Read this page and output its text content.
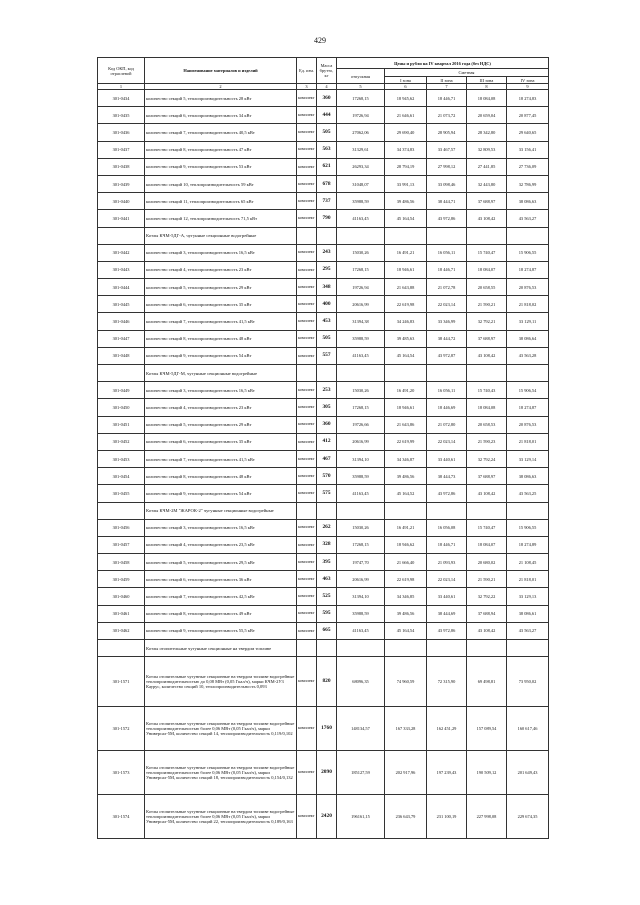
429
Код ОКП, код отраслевой	Наименование материалов и изделий	Ед. изм.	Масса брутто, кг	Цены и рубли на IV квартал 2016 года (без НДС)				
				отпускная	Сметная			
					I зона	II зона	III зона	IV зона
1	2	3	4	5	6	7	8	9
301-0434	количество секций 5, теплопроизводительность 28 кВт	комплект	360	17268,15	18 945,62	18 446,71	18 084,08	18 274,83
301-0435	количество секций 6, теплопроизводительность 34 кВт	комплект	444	19726,94	21 646,61	21 073,72	20 659,04	20 877,45
301-0436	количество секций 7, теплопроизводительность 40,5 кВт	комплект	505	27062,06	29 690,40	28 905,94	28 342,80	29 640,65
301-0437	количество секций 8, теплопроизводительность 47 кВт	комплект	563	31329,61	34 374,83	33 467,57	32 809,53	33 156,41
301-0438	количество секций 9, теплопроизводительность 53 кВт	комплект	621	26293,34	28 794,19	27 998,12	27 441,85	27 736,09
301-0439	количество секций 10, теплопроизводительность 59 кВт	комплект	678	31048,07	33 991,13	33 098,46	32 443,80	32 786,99
301-0440	количество секций 11, теплопроизводительность 65 кВт	комплект	737	35988,59	39 486,56	38 444,71	37 688,97	38 086,63
301-0441	количество секций 12, теплопроизводительность 71,5 кВт	комплект	790	41163,45	45 164,54	43 972,86	43 108,42	43 563,27
	Котлы КЧМ-5ДГ-А, чугунные секционные водогрейные							
301-0442	количество секций 3, теплопроизводительность 16,5 кВт	комплект	243	15030,26	16 491,21	16 056,11	15 740,47	15 906,55
301-0443	количество секций 4, теплопроизводительность 23 кВт	комплект	295	17268,15	18 946,61	18 446,71	18 084,07	18 274,87
301-0444	количество секций 5, теплопроизводительность 29 кВт	комплект	348	19726,94	21 643,88	21 072,78	20 658,55	20 876,53
301-0445	количество секций 6, теплопроизводительность 35 кВт	комплект	400	20616,99	22 619,98	22 023,14	21 590,21	21 818,02
301-0446	количество секций 7, теплопроизводительность 41,5 кВт	комплект	453	31394,38	34 246,83	33 346,99	32 792,21	33 129,11
301-0447	количество секций 8, теплопроизводительность 48 кВт	комплект	505	35988,59	39 485,63	38 444,72	37 688,97	38 086,64
301-0448	количество секций 9, теплопроизводительность 54 кВт	комплект	557	41163,45	45 164,54	43 972,87	43 108,42	43 563,28
	Котлы КЧМ-5ДГ-М, чугунные секционные водогрейные							
301-0449	количество секций 3, теплопроизводительность 16,5 кВт	комплект	253	15030,26	16 491,20	16 056,11	15 740,43	15 906,54
301-0450	количество секций 4, теплопроизводительность 23 кВт	комплект	305	17268,15	18 946,61	18 446,69	18 084,08	18 274,87
301-0451	количество секций 5, теплопроизводительность 29 кВт	комплект	360	19726,66	21 643,86	21 072,80	20 658,53	20 876,53
301-0452	количество секций 6, теплопроизводительность 35 кВт	комплект	412	20616,99	22 619,99	22 023,14	21 590,23	21 818,01
301-0453	количество секций 7, теплопроизводительность 41,5 кВт	комплект	467	31394,10	34 346,87	33 440,61	32 792,24	33 129,14
301-0454	количество секций 8, теплопроизводительность 48 кВт	комплект	570	35988,59	39 486,56	38 444,73	37 688,97	38 086,63
301-0455	количество секций 9, теплопроизводительность 54 кВт	комплект	575	41163,45	45 164,52	43 972,86	43 108,42	43 563,25
	Котлы КЧМ-2М "ЖАРОК-2" чугунные секционные водогрейные							
301-0456	количество секций 3, теплопроизводительность 16,5 кВт	комплект	262	15030,26	16 491,21	16 056,08	15 740,47	15 906,55
301-0457	количество секций 4, теплопроизводительность 23,5 кВт	комплект	328	17268,15	18 946,62	18 446,71	18 084,07	18 274,89
301-0458	количество секций 5, теплопроизводительность 29,5 кВт	комплект	395	19747,70	21 666,40	21 093,93	20 680,02	21 108,45
301-0459	количество секций 6, теплопроизводительность 36 кВт	комплект	463	20616,99	22 619,98	22 023,14	21 590,21	21 818,01
301-0460	количество секций 7, теплопроизводительность 42,5 кВт	комплект	525	31394,10	34 346,85	33 440,61	32 792,22	33 129,13
301-0461	количество секций 8, теплопроизводительность 49 кВт	комплект	595	35988,59	39 486,56	38 444,69	37 688,94	38 086,61
301-0462	количество секций 9, теплопроизводительность 55,5 кВт	комплект	665	41163,45	45 164,54	43 972,86	43 108,42	43 563,27
	Котлы отопительные чугунные секционные на твердом топливе							
301-1571	Котлы отопительные чугунные секционные на твердом топливе водогрейные теплопроизводительностью до 0,08 МВт (0,05 Гкал/ч), марки КЧМ-2У3 Каурус, количество секций 10, теплопроизводительность 0,093	комплект	820	68096,35	74 960,59	72 315,90	69 498,81	73 950,02
301-1572	Котлы отопительные чугунные секционные на твердом топливе водогрейные теплопроизводительностью более 0,06 МВт (0,05 Гкал/ч), марки Универсал-5М, количество секций 14, теплопроизводительность 0,119/0,102	комплект	1760	148134,57	167 333,28	162 451,29	157 089,54	160 617,46
301-1573	Котлы отопительные чугунные секционные на твердом топливе водогрейные теплопроизводительностью более 0,06 МВт (0,05 Гкал/ч), марки Универсал-5М, количество секций 18, теплопроизводительность 0,154/0,132	комплект	2090	185127,59	202 917,96	197 239,43	190 509,12	201 649,43
301-1574	Котлы отопительные чугунные секционные на твердом топливе водогрейные теплопроизводительностью более 0,06 МВт (0,05 Гкал/ч), марки Универсал-5М, количество секций 22, теплопроизводительность 0,189/0,163	комплект	2420	196161,15	236 643,79	231 100,19	227 998,08	229 674,35
